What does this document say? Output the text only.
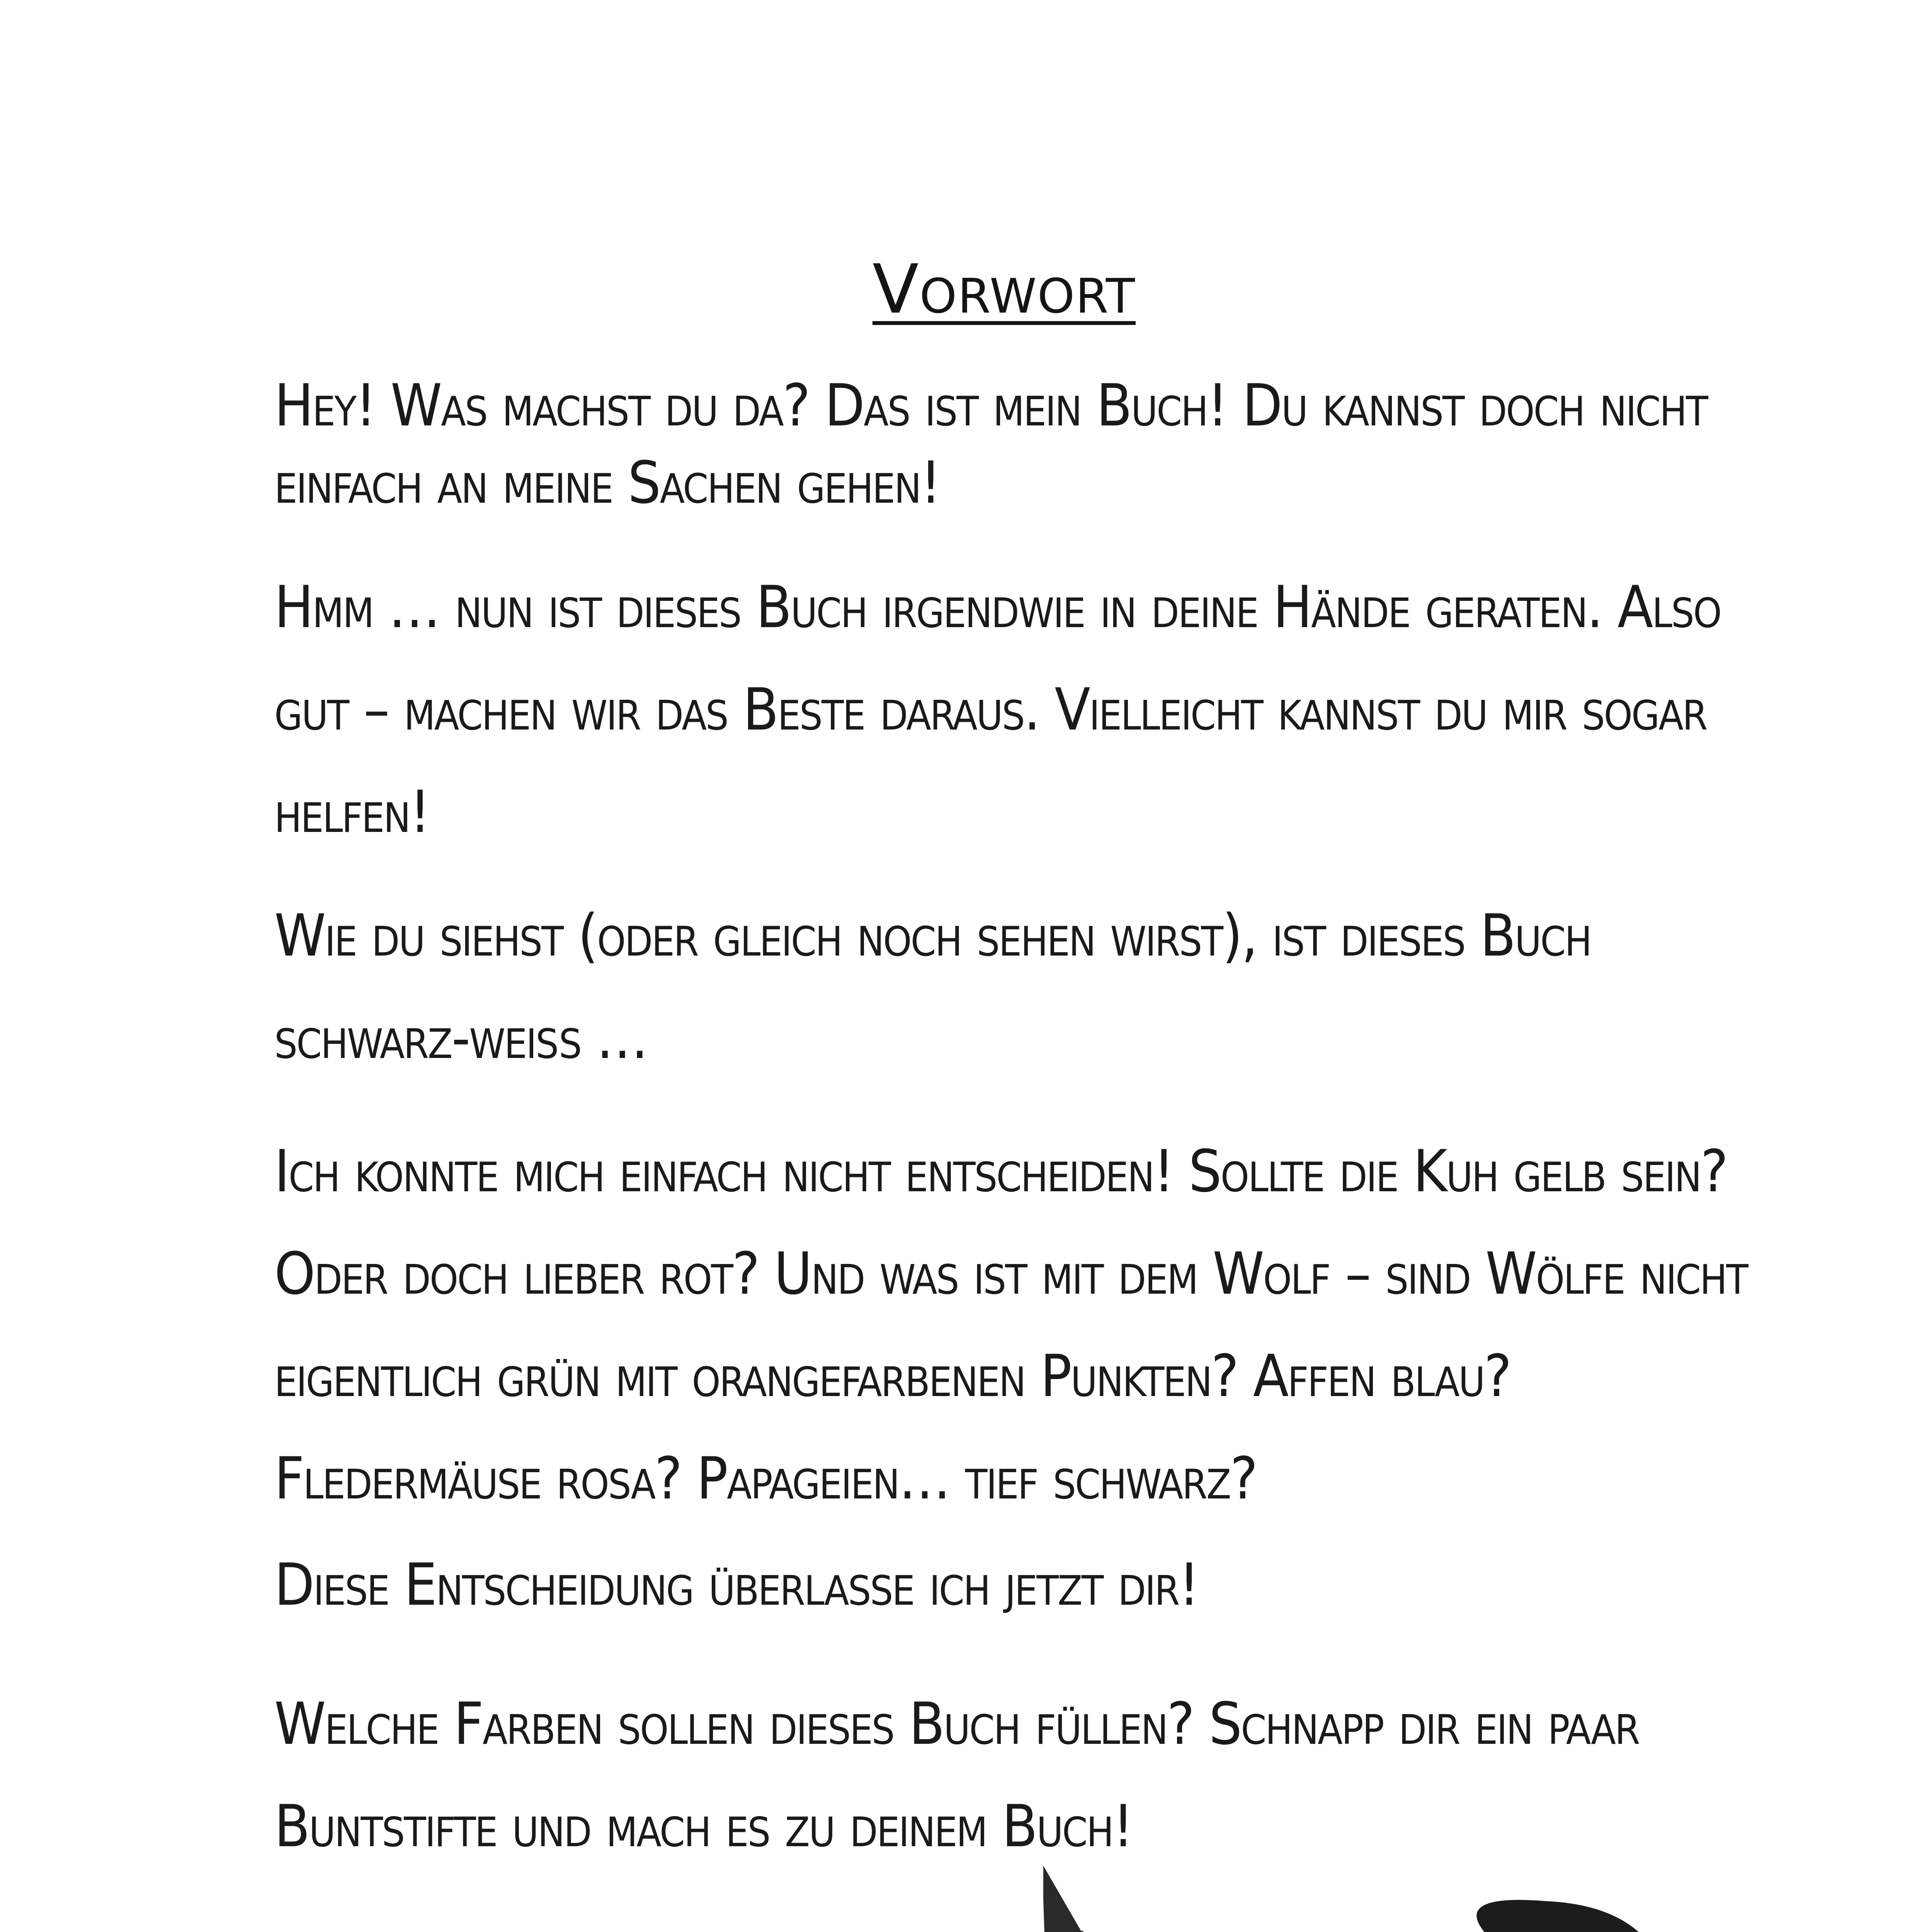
Vorwort
Hey! Was machst du da? Das ist mein Buch! Du kannst doch nicht einfach an meine Sachen gehen!
Hmm … nun ist dieses Buch irgendwie in deine Hände geraten. Also gut – machen wir das Beste daraus. Vielleicht kannst du mir sogar helfen!
Wie du siehst (oder gleich noch sehen wirst), ist dieses Buch schwarz-weiß …
Ich konnte mich einfach nicht entscheiden! Sollte die Kuh gelb sein? Oder doch lieber rot? Und was ist mit dem Wolf – sind Wölfe nicht eigentlich grün mit orangefarbenen Punkten? Affen blau? Fledermäuse rosa? Papageien… tief schwarz?
Diese Entscheidung überlasse ich jetzt dir!
Welche Farben sollen dieses Buch füllen? Schnapp dir ein paar Buntstifte und mach es zu deinem Buch!
